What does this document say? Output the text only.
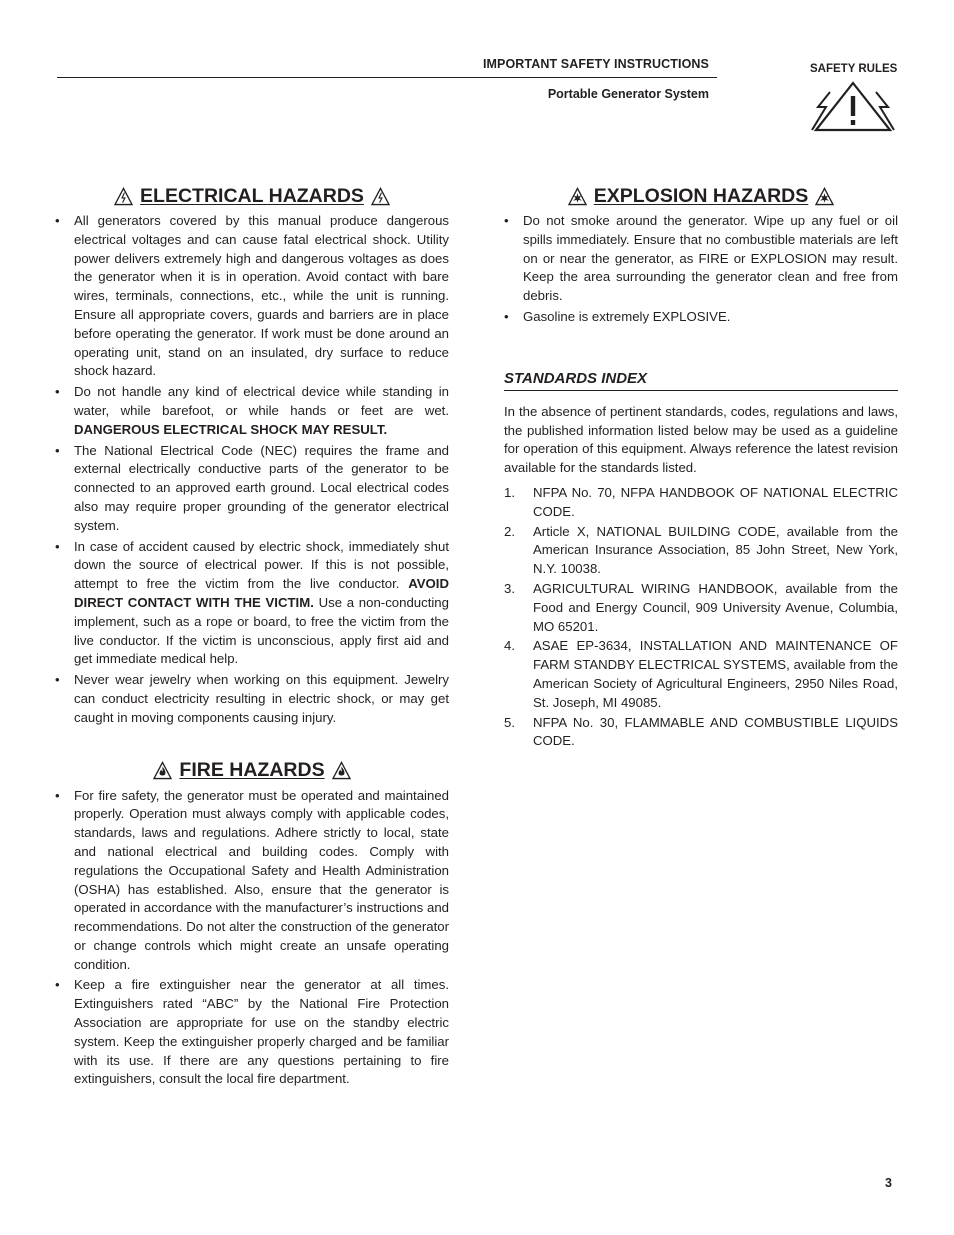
IMPORTANT SAFETY INSTRUCTIONS
Portable Generator System
SAFETY RULES
ELECTRICAL HAZARDS
• All generators covered by this manual produce dangerous electrical voltages and can cause fatal electrical shock. Utility power delivers extremely high and dangerous voltages as does the generator when it is in operation. Avoid contact with bare wires, terminals, connections, etc., while the unit is running. Ensure all appropriate covers, guards and barriers are in place before operating the generator. If work must be done around an operating unit, stand on an insulated, dry surface to reduce shock hazard.
• Do not handle any kind of electrical device while standing in water, while barefoot, or while hands or feet are wet. DANGEROUS ELECTRICAL SHOCK MAY RESULT.
• The National Electrical Code (NEC) requires the frame and external electrically conductive parts of the generator to be connected to an approved earth ground. Local electrical codes also may require proper grounding of the generator electrical system.
• In case of accident caused by electric shock, immediately shut down the source of electrical power. If this is not possible, attempt to free the victim from the live conductor. AVOID DIRECT CONTACT WITH THE VICTIM. Use a non-conducting implement, such as a rope or board, to free the victim from the live conductor. If the victim is unconscious, apply first aid and get immediate medical help.
• Never wear jewelry when working on this equipment. Jewelry can conduct electricity resulting in electric shock, or may get caught in moving components causing injury.
FIRE HAZARDS
• For fire safety, the generator must be operated and maintained properly. Operation must always comply with applicable codes, standards, laws and regulations. Adhere strictly to local, state and national electrical and building codes. Comply with regulations the Occupational Safety and Health Administration (OSHA) has established. Also, ensure that the generator is operated in accordance with the manufacturer’s instructions and recommendations. Do not alter the construction of the generator or change controls which might create an unsafe operating condition.
• Keep a fire extinguisher near the generator at all times. Extinguishers rated “ABC” by the National Fire Protection Association are appropriate for use on the standby electric system. Keep the extinguisher properly charged and be familiar with its use. If there are any questions pertaining to fire extinguishers, consult the local fire department.
EXPLOSION HAZARDS
• Do not smoke around the generator. Wipe up any fuel or oil spills immediately. Ensure that no combustible materials are left on or near the generator, as FIRE or EXPLOSION may result. Keep the area surrounding the generator clean and free from debris.
• Gasoline is extremely EXPLOSIVE.
STANDARDS INDEX
In the absence of pertinent standards, codes, regulations and laws, the published information listed below may be used as a guideline for operation of this equipment. Always reference the latest revision available for the standards listed.
1. NFPA No. 70, NFPA HANDBOOK OF NATIONAL ELECTRIC CODE.
2. Article X, NATIONAL BUILDING CODE, available from the American Insurance Association, 85 John Street, New York, N.Y. 10038.
3. AGRICULTURAL WIRING HANDBOOK, available from the Food and Energy Council, 909 University Avenue, Columbia, MO 65201.
4. ASAE EP-3634, INSTALLATION AND MAINTENANCE OF FARM STANDBY ELECTRICAL SYSTEMS, available from the American Society of Agricultural Engineers, 2950 Niles Road, St. Joseph, MI 49085.
5. NFPA No. 30, FLAMMABLE AND COMBUSTIBLE LIQUIDS CODE.
3
